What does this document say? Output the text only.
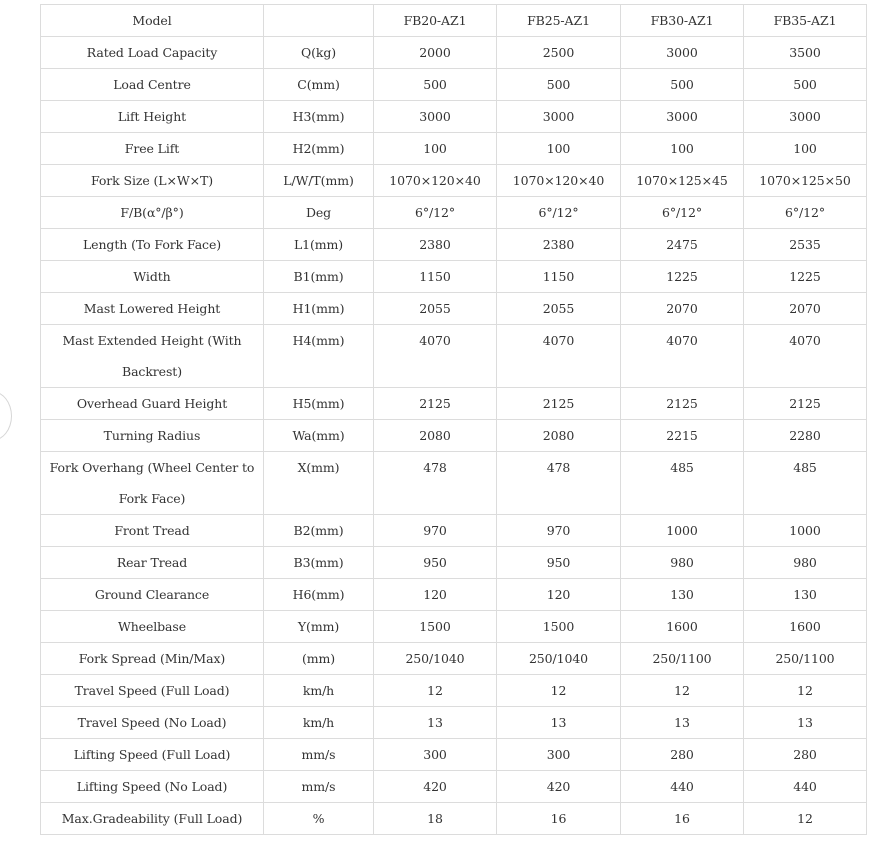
Model		FB20-AZ1	FB25-AZ1	FB30-AZ1	FB35-AZ1
Rated Load Capacity	Q(kg)	2000	2500	3000	3500
Load Centre	C(mm)	500	500	500	500
Lift Height	H3(mm)	3000	3000	3000	3000
Free Lift	H2(mm)	100	100	100	100
Fork Size (L×W×T)	L/W/T(mm)	1070×120×40	1070×120×40	1070×125×45	1070×125×50
F/B(α°/β°)	Deg	6°/12°	6°/12°	6°/12°	6°/12°
Length (To Fork Face)	L1(mm)	2380	2380	2475	2535
Width	B1(mm)	1150	1150	1225	1225
Mast Lowered Height	H1(mm)	2055	2055	2070	2070
Mast Extended Height (With Backrest)	H4(mm)	4070	4070	4070	4070
Overhead Guard Height	H5(mm)	2125	2125	2125	2125
Turning Radius	Wa(mm)	2080	2080	2215	2280
Fork Overhang (Wheel Center to Fork Face)	X(mm)	478	478	485	485
Front Tread	B2(mm)	970	970	1000	1000
Rear Tread	B3(mm)	950	950	980	980
Ground Clearance	H6(mm)	120	120	130	130
Wheelbase	Y(mm)	1500	1500	1600	1600
Fork Spread (Min/Max)	(mm)	250/1040	250/1040	250/1100	250/1100
Travel Speed (Full Load)	km/h	12	12	12	12
Travel Speed (No Load)	km/h	13	13	13	13
Lifting Speed (Full Load)	mm/s	300	300	280	280
Lifting Speed (No Load)	mm/s	420	420	440	440
Max.Gradeability (Full Load)	%	18	16	16	12
